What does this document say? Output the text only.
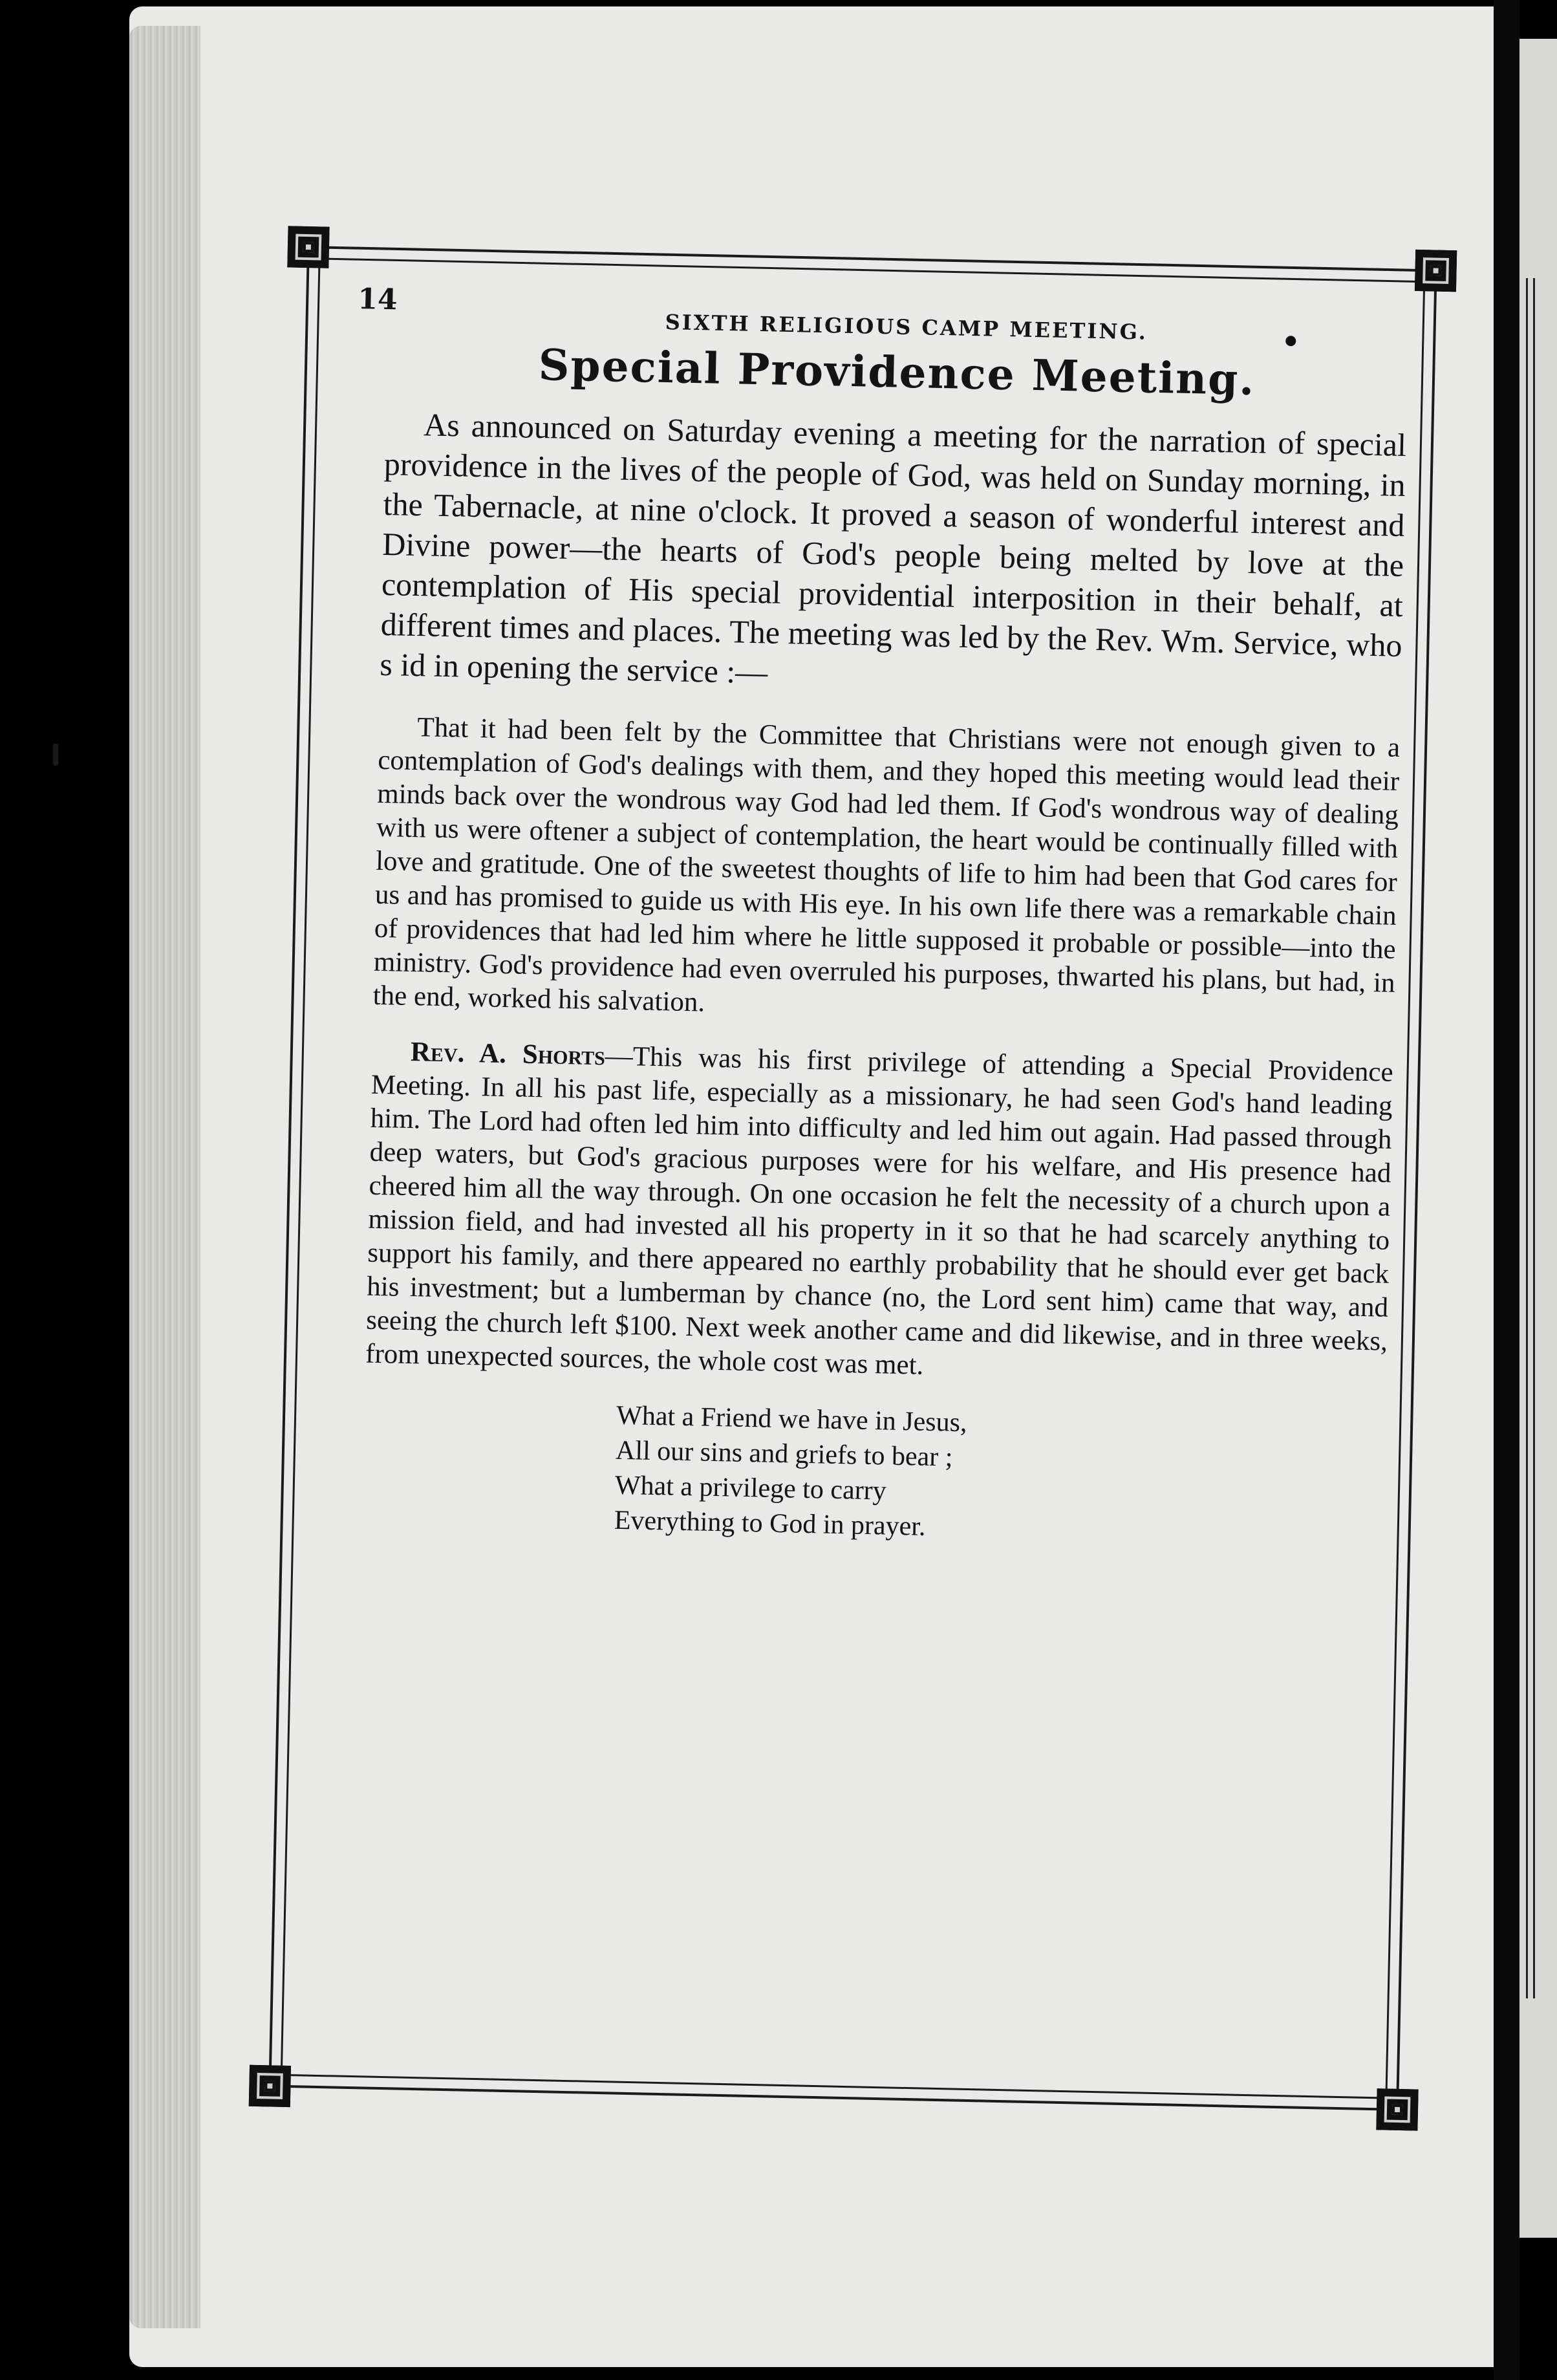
14
SIXTH RELIGIOUS CAMP MEETING.
Special Providence Meeting.

As announced on Saturday evening a meeting for the narration of special providence in the lives of the people of God, was held on Sunday morning, in the Tabernacle, at nine o'clock. It proved a season of wonderful interest and Divine power—the hearts of God's people being melted by love at the contemplation of His special providential interposition in their behalf, at different times and places. The meeting was led by the Rev. Wm. Service, who s id in opening the service :—

That it had been felt by the Committee that Christians were not enough given to a contemplation of God's dealings with them, and they hoped this meeting would lead their minds back over the wondrous way God had led them. If God's wondrous way of dealing with us were oftener a subject of contemplation, the heart would be continually filled with love and gratitude. One of the sweetest thoughts of life to him had been that God cares for us and has promised to guide us with His eye. In his own life there was a remarkable chain of providences that had led him where he little supposed it probable or possible—into the ministry. God's providence had even overruled his purposes, thwarted his plans, but had, in the end, worked his salvation.

Rev. A. Shorts—This was his first privilege of attending a Special Providence Meeting. In all his past life, especially as a missionary, he had seen God's hand leading him. The Lord had often led him into difficulty and led him out again. Had passed through deep waters, but God's gracious purposes were for his welfare, and His presence had cheered him all the way through. On one occasion he felt the necessity of a church upon a mission field, and had invested all his property in it so that he had scarcely anything to support his family, and there appeared no earthly probability that he should ever get back his investment; but a lumberman by chance (no, the Lord sent him) came that way, and seeing the church left $100. Next week another came and did likewise, and in three weeks, from unexpected sources, the whole cost was met.

What a Friend we have in Jesus,
All our sins and griefs to bear ;
What a privilege to carry
Everything to God in prayer.
